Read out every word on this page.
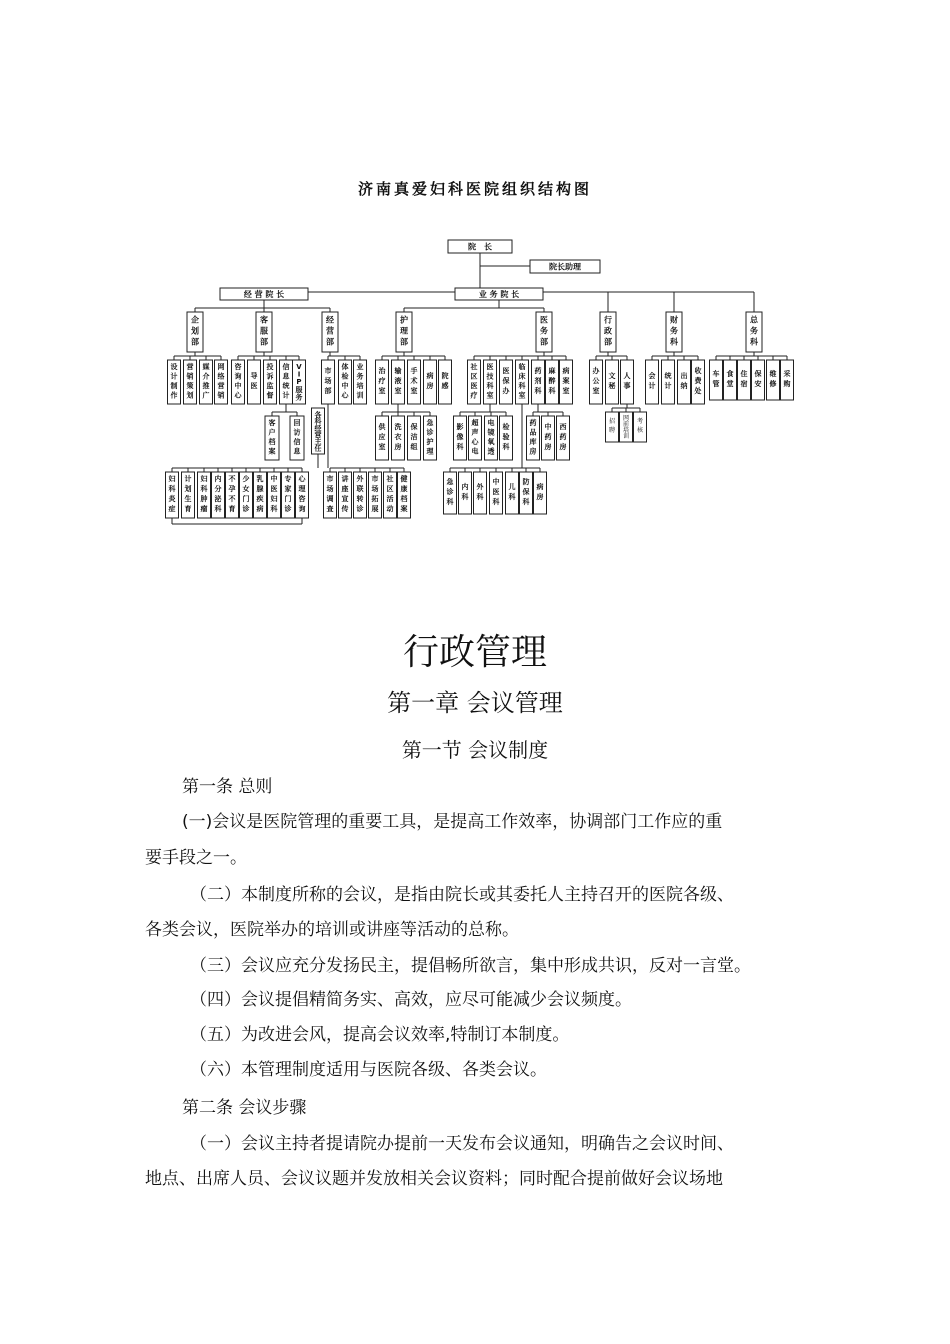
济南真爱妇科医院组织结构图
院　长
院长助理
经 营 院 长	业 务 院 长
企
划
部
客
服
部
经
营
部
护
理
部
医
务
部
行
政
部
财
务
科
总
务
科
设
计
制
作
营
销
策
划
媒
介
推
广
网
络
营
销
咨
询
中
心
导
医
投
诉
监
督
信
息
统
计
V
I
P
服
务
客
户
档
案
回
访
信
息
市
场
部
体
检
中
心
业
务
培
训
各
科
经
营
主
任
治
疗
室
输
液
室
手
术
室
病
房
院
感
供
应
室
洗
衣
房
保
洁
组
急
诊
护
理
社
区
医
疗
医
技
科
室
医
保
办
临
床
科
室
药
剂
科
麻
醉
科
病
案
室
影
像
科
超
声
心
电
电
镜
氧
透
检
验
科
药
品
库
房
中
药
房
西
药
房
急
诊
科
内
科
外
科
中
医
科
儿
科
防
保
科
病
房
办
公
室
文
秘
人
事
招
聘
网
前
培
训
考
核
会
计
统
计
出
纳
收
费
处
车
管
食
堂
住
宿
保
安
维
修
采
购
妇
科
炎
症
计
划
生
育
妇
科
肿
瘤
内
分
泌
科
不
孕
不
育
少
女
门
诊
乳
腺
疾
病
中
医
妇
科
专
家
门
诊
心
理
咨
询
市
场
调
查
讲
座
宣
传
外
联
转
诊
市
场
拓
展
社
区
活
动
健
康
档
案
行政管理
第一章 会议管理
第一节 会议制度

第一条 总则

(一)会议是医院管理的重要工具，是提高工作效率，协调部门工作应的重

要手段之一。

（二）本制度所称的会议，是指由院长或其委托人主持召开的医院各级、

各类会议，医院举办的培训或讲座等活动的总称。

（三）会议应充分发扬民主，提倡畅所欲言，集中形成共识，反对一言堂。

（四）会议提倡精简务实、高效，应尽可能减少会议频度。

（五）为改进会风，提高会议效率,特制订本制度。

（六）本管理制度适用与医院各级、各类会议。

第二条 会议步骤

（一）会议主持者提请院办提前一天发布会议通知，明确告之会议时间、

地点、出席人员、会议议题并发放相关会议资料；同时配合提前做好会议场地
